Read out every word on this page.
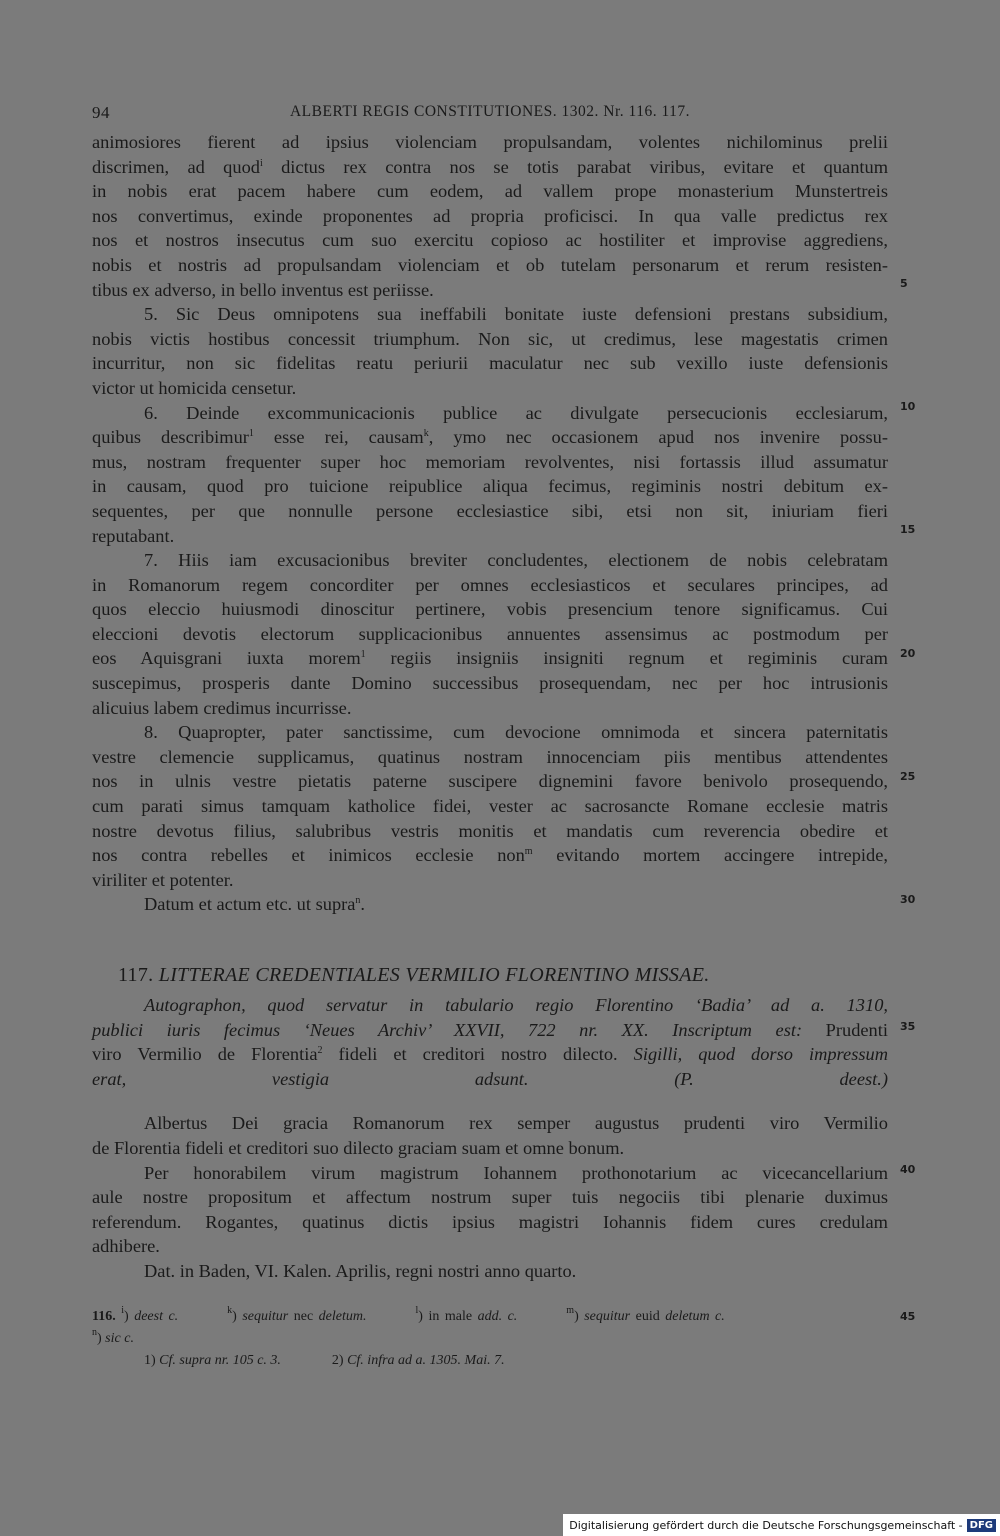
94	ALBERTI REGIS CONSTITUTIONES. 1302. Nr. 116. 117.
animosiores fierent ad ipsius violenciam propulsandam, volentes nichilominus prelii
discrimen, ad quod$^i$ dictus rex contra nos se totis parabat viribus, evitare et quantum
in nobis erat pacem habere cum eodem, ad vallem prope monasterium Munstertreis
nos convertimus, exinde proponentes ad propria proficisci. In qua valle predictus rex
nos et nostros insecutus cum suo exercitu copioso ac hostiliter et improvise aggrediens,
nobis et nostris ad propulsandam violenciam et ob tutelam personarum et rerum resisten-
tibus ex adverso, in bello inventus est periisse.
5. Sic Deus omnipotens sua ineffabili bonitate iuste defensioni prestans subsidium,
nobis victis hostibus concessit triumphum. Non sic, ut credimus, lese magestatis crimen
incurritur, non sic fidelitas reatu periurii maculatur nec sub vexillo iuste defensionis
victor ut homicida censetur.
6. Deinde excommunicacionis publice ac divulgate persecucionis ecclesiarum,
quibus describimur$^1$ esse rei, causam$^k$, ymo nec occasionem apud nos invenire possu-
mus, nostram frequenter super hoc memoriam revolventes, nisi fortassis illud assumatur
in causam, quod pro tuicione reipublice aliqua fecimus, regiminis nostri debitum ex-
sequentes, per que nonnulle persone ecclesiastice sibi, etsi non sit, iniuriam fieri
reputabant.
7. Hiis iam excusacionibus breviter concludentes, electionem de nobis celebratam
in Romanorum regem concorditer per omnes ecclesiasticos et seculares principes, ad
quos eleccio huiusmodi dinoscitur pertinere, vobis presencium tenore significamus. Cui
eleccioni devotis electorum supplicacionibus annuentes assensimus ac postmodum per
eos Aquisgrani iuxta morem$^1$ regiis insigniis insigniti regnum et regiminis curam
suscepimus, prosperis dante Domino successibus prosequendam, nec per hoc intrusionis
alicuius labem credimus incurrisse.
8. Quapropter, pater sanctissime, cum devocione omnimoda et sincera paternitatis
vestre clemencie supplicamus, quatinus nostram innocenciam piis mentibus attendentes
nos in ulnis vestre pietatis paterne suscipere dignemini favore benivolo prosequendo,
cum parati simus tamquam katholice fidei, vester ac sacrosancte Romane ecclesie matris
nostre devotus filius, salubribus vestris monitis et mandatis cum reverencia obedire et
nos contra rebelles et inimicos ecclesie non$^m$ evitando mortem accingere intrepide,
viriliter et potenter.
Datum et actum etc. ut supra$^n$.
5
10
15
20
25
30
117. LITTERAE CREDENTIALES VERMILIO FLORENTINO MISSAE.
Autographon, quod servatur in tabulario regio Florentino ‘Badia’ ad a. 1310,
publici iuris fecimus ‘Neues Archiv’ XXVII, 722 nr. XX. Inscriptum est: Prudenti
viro Vermilio de Florentia$^2$ fideli et creditori nostro dilecto. Sigilli, quod dorso impressum
erat, vestigia adsunt.	(P. deest.)
35
Albertus Dei gracia Romanorum rex semper augustus prudenti viro Vermilio
de Florentia fideli et creditori suo dilecto graciam suam et omne bonum.
Per honorabilem virum magistrum Iohannem prothonotarium ac vicecancellarium
aule nostre propositum et affectum nostrum super tuis negociis tibi plenarie duximus
referendum. Rogantes, quatinus dictis ipsius magistri Iohannis fidem cures credulam
adhibere.
Dat. in Baden, VI. Kalen. Aprilis, regni nostri anno quarto.
40
116. $^i$) deest c.	$^k$) sequitur nec deletum.	$^l$) in male add. c.	$^m$) sequitur euid deletum c.
$^n$) sic c.
1) Cf. supra nr. 105 c. 3.	2) Cf. infra ad a. 1305. Mai. 7.
45
Digitalisierung gefördert durch die Deutsche Forschungsgemeinschaft - DFG
